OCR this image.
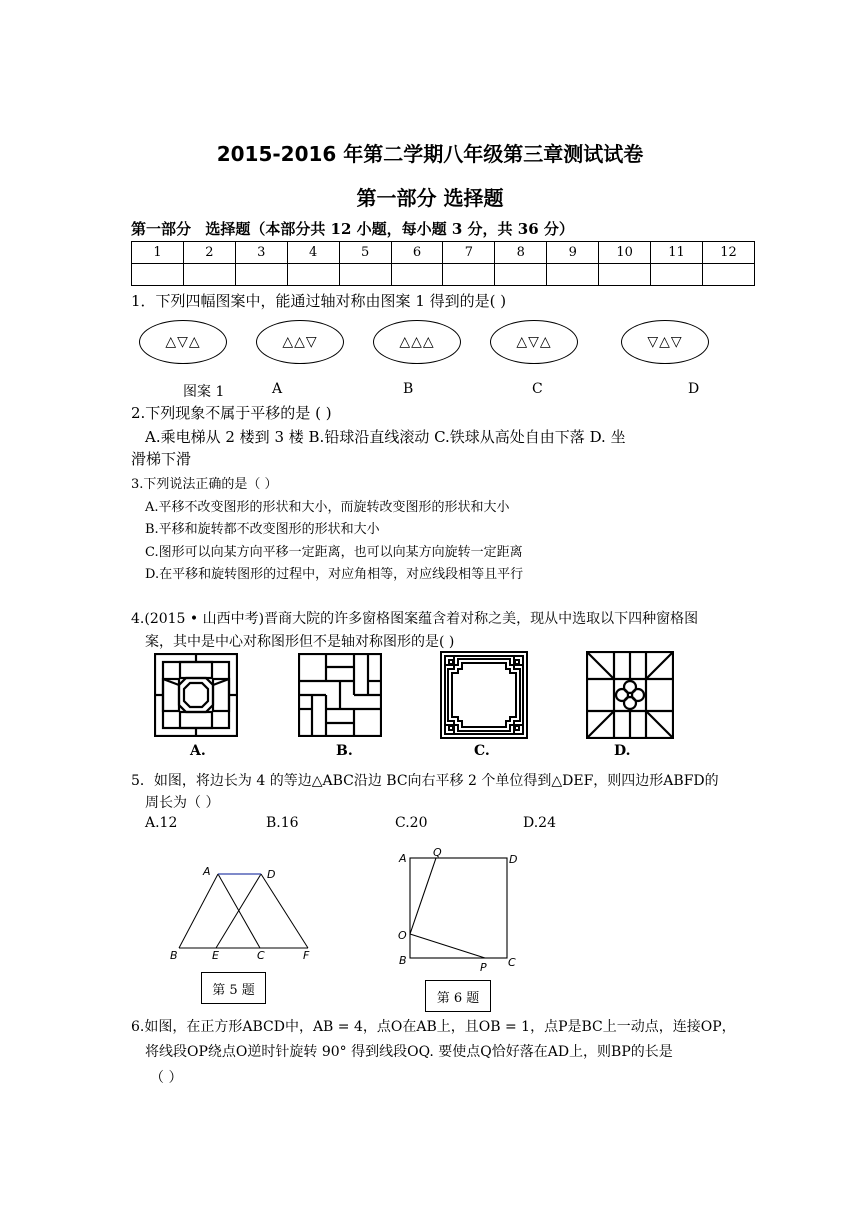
2015-2016 年第二学期八年级第三章测试试卷
第一部分 选择题
第一部分 选择题（本部分共 12 小题，每小题 3 分，共 36 分）
1	2	3	4	5	6	7	8	9	10	11	12

1．下列四幅图案中，能通过轴对称由图案 1 得到的是( )
△▽△	△△▽	△△△	△▽△	▽△▽
图案 1	A	B	C	D
2.下列现象不属于平移的是 ( )
A.乘电梯从 2 楼到 3 楼 B.铅球沿直线滚动 C.铁球从高处自由下落 D. 坐
滑梯下滑
3.下列说法正确的是（ ）
A.平移不改变图形的形状和大小，而旋转改变图形的形状和大小
B.平移和旋转都不改变图形的形状和大小
C.图形可以向某方向平移一定距离，也可以向某方向旋转一定距离
D.在平移和旋转图形的过程中，对应角相等，对应线段相等且平行
4.(2015 • 山西中考)晋商大院的许多窗格图案蕴含着对称之美，现从中选取以下四种窗格图
案，其中是中心对称图形但不是轴对称图形的是( )
A.	B.	C.	D.
5．如图，将边长为 4 的等边△ABC沿边 BC向右平移 2 个单位得到△DEF，则四边形ABFD的
周长为（ ）
A.12	B.16	C.20	D.24
A	D
B	E	C	F
第 5 题
A Q
D
O
B
P C
第 6 题
6.如图，在正方形ABCD中，AB = 4，点O在AB上，且OB = 1，点P是BC上一动点，连接OP，
将线段OP绕点O逆时针旋转 90° 得到线段OQ. 要使点Q恰好落在AD上，则BP的长是
（ ）
